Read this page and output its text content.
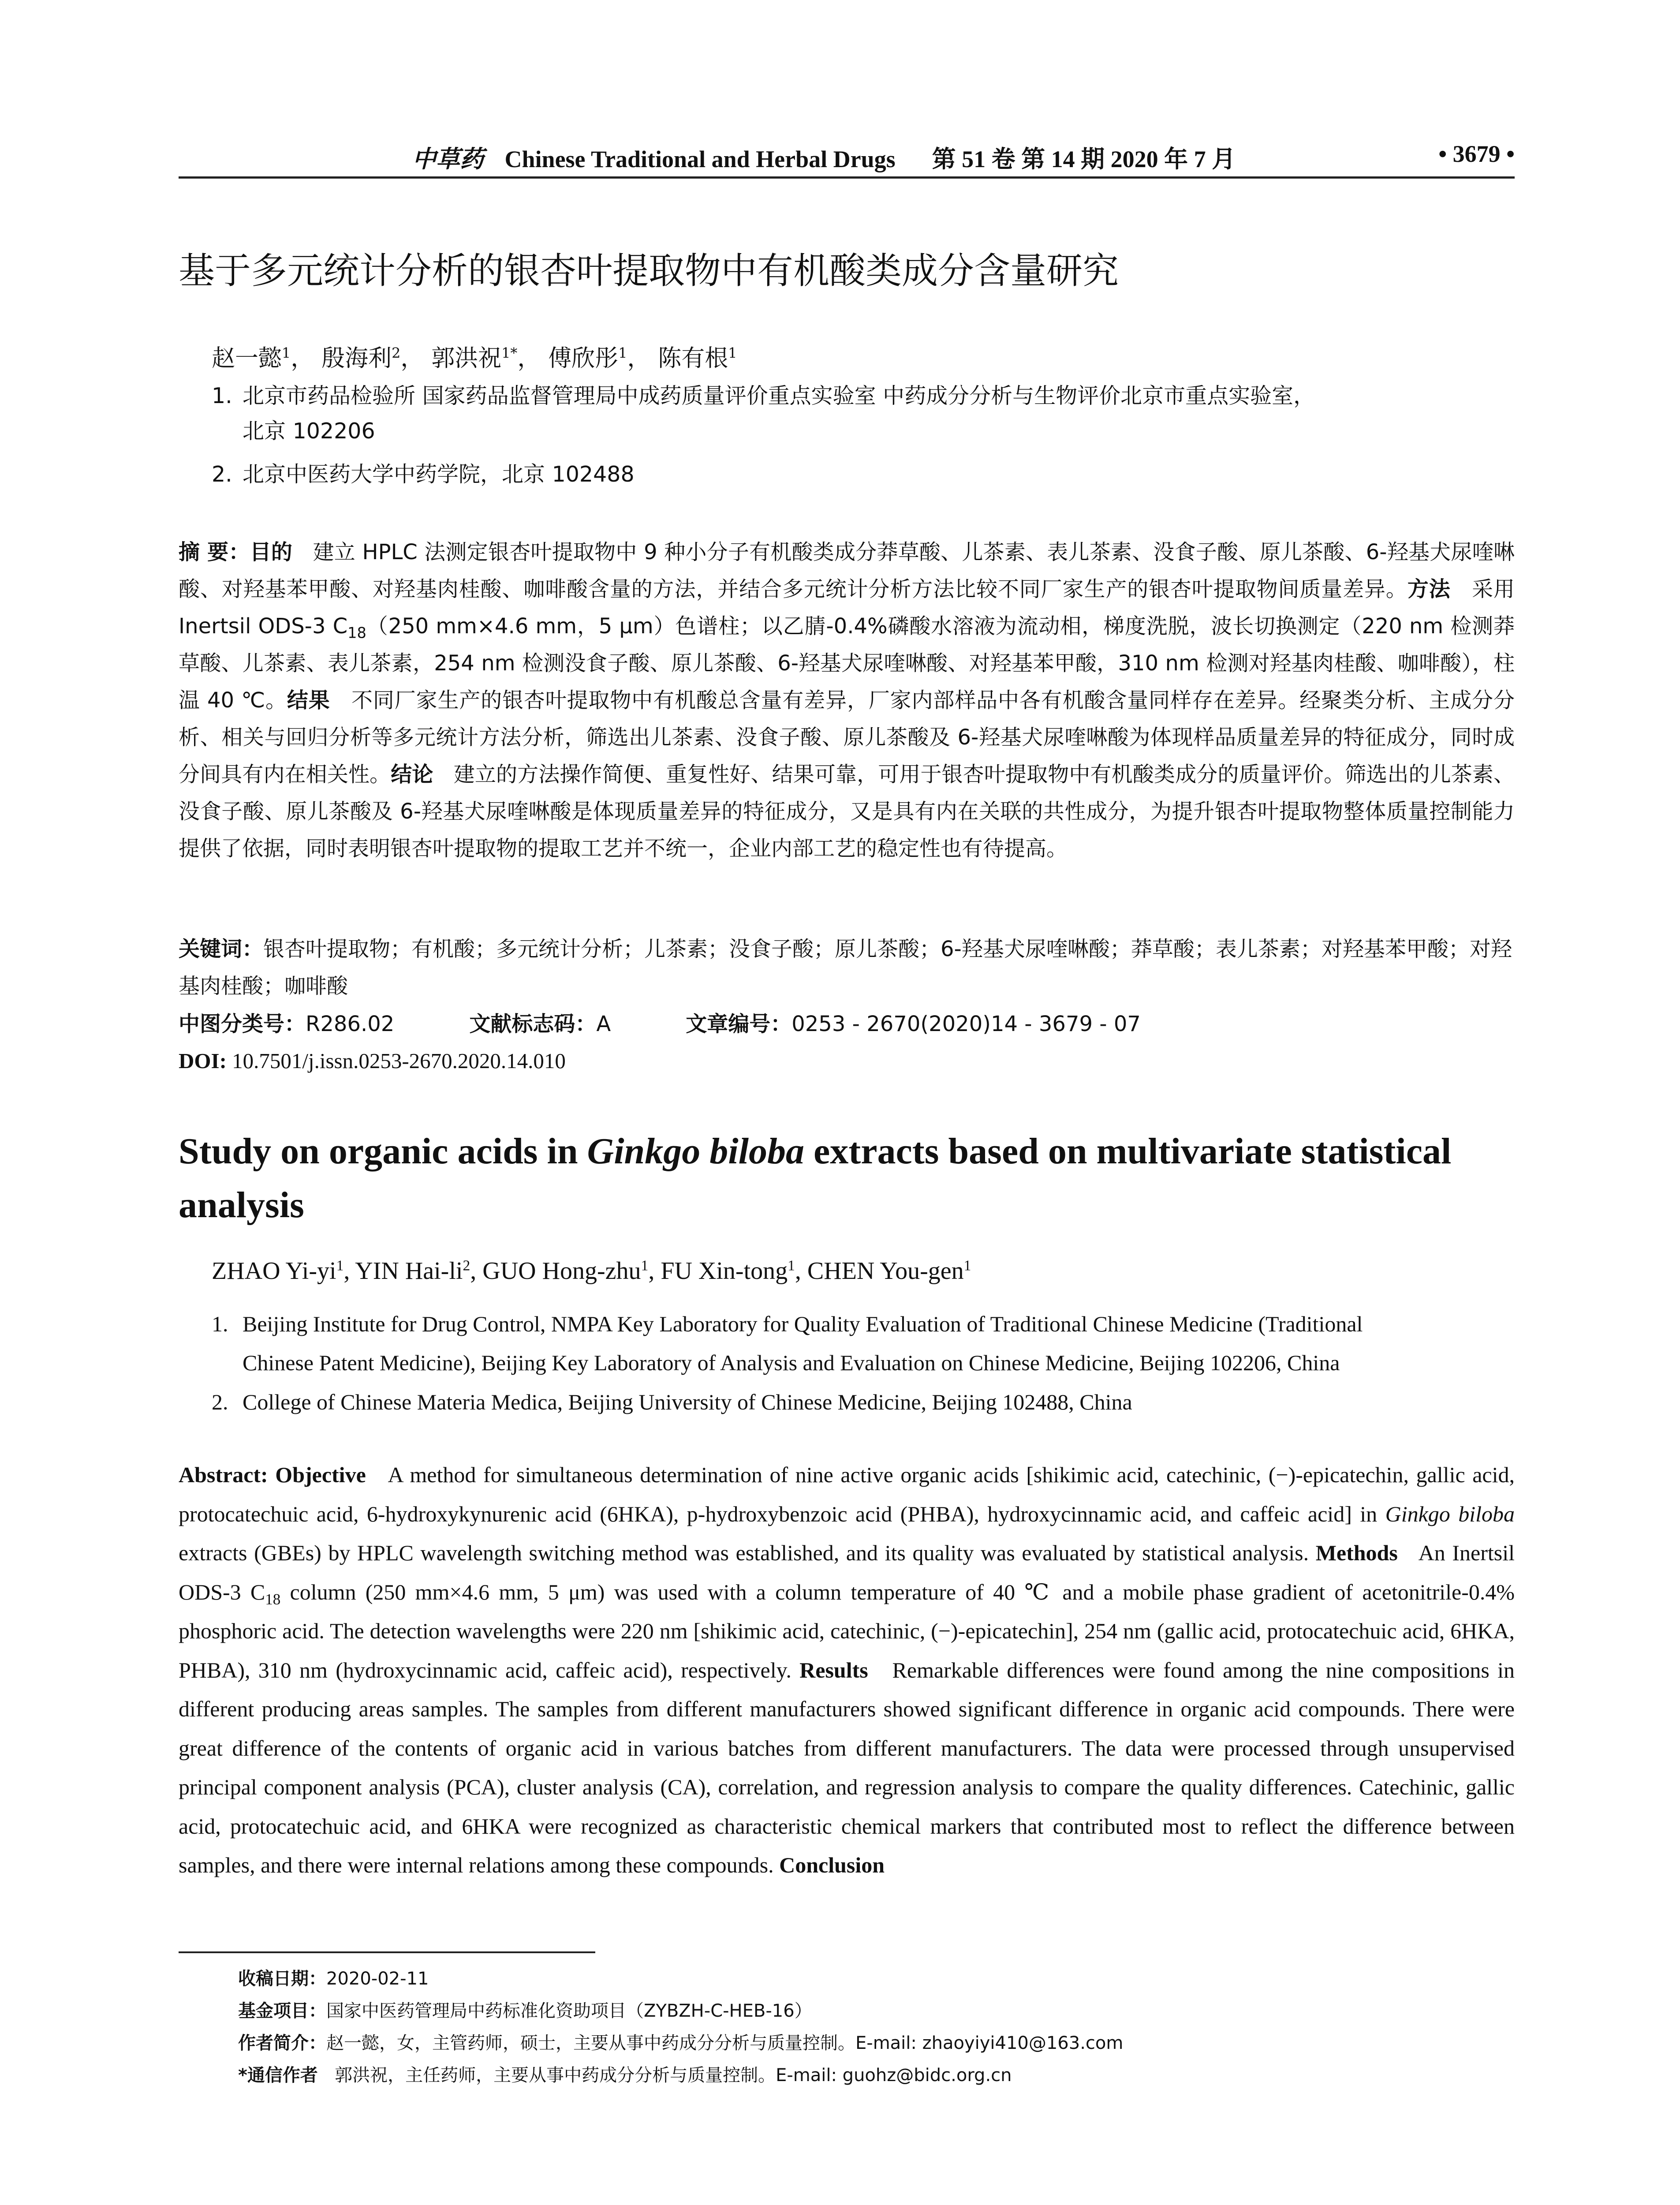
中草药 Chinese Traditional and Herbal Drugs 第 51 卷 第 14 期 2020 年 7 月	• 3679 •
基于多元统计分析的银杏叶提取物中有机酸类成分含量研究
赵一懿$^1$， 殷海利$^2$， 郭洪祝$^{1*}$， 傅欣彤$^1$， 陈有根$^1$
1. 北京市药品检验所 国家药品监督管理局中成药质量评价重点实验室 中药成分分析与生物评价北京市重点实验室，
北京 102206
2. 北京中医药大学中药学院，北京 102488
摘 要：目的 建立 HPLC 法测定银杏叶提取物中 9 种小分子有机酸类成分莽草酸、儿茶素、表儿茶素、没食子酸、原儿茶酸、6-羟基犬尿喹啉酸、对羟基苯甲酸、对羟基肉桂酸、咖啡酸含量的方法，并结合多元统计分析方法比较不同厂家生产的银杏叶提取物间质量差异。方法 采用 Inertsil ODS-3 $C_{18}(250$ mm×4.6 mm，5 μm）色谱柱；以乙腈-0.4%磷酸水溶液为流动相，梯度洗脱，波长切换测定（220 nm 检测莽草酸、儿茶素、表儿茶素，254 nm 检测没食子酸、原儿茶酸、6-羟基犬尿喹啉酸、对羟基苯甲酸，310 nm 检测对羟基肉桂酸、咖啡酸），柱温 40 ℃。结果 不同厂家生产的银杏叶提取物中有机酸总含量有差异，厂家内部样品中各有机酸含量同样存在差异。经聚类分析、主成分分析、相关与回归分析等多元统计方法分析，筛选出儿茶素、没食子酸、原儿茶酸及 6-羟基犬尿喹啉酸为体现样品质量差异的特征成分，同时成分间具有内在相关性。结论 建立的方法操作简便、重复性好、结果可靠，可用于银杏叶提取物中有机酸类成分的质量评价。筛选出的儿茶素、没食子酸、原儿茶酸及 6-羟基犬尿喹啉酸是体现质量差异的特征成分，又是具有内在关联的共性成分，为提升银杏叶提取物整体质量控制能力提供了依据，同时表明银杏叶提取物的提取工艺并不统一，企业内部工艺的稳定性也有待提高。
关键词：银杏叶提取物；有机酸；多元统计分析；儿茶素；没食子酸；原儿茶酸；6-羟基犬尿喹啉酸；莽草酸；表儿茶素；对羟基苯甲酸；对羟基肉桂酸；咖啡酸
中图分类号：R286.02	文献标志码：A	文章编号：0253 - 2670(2020)14 - 3679 - 07
DOI: 10.7501/j.issn.0253-2670.2020.14.010
Study on organic acids in Ginkgo biloba extracts based on multivariate statistical analysis
ZHAO $Yi-yi^1$, YIN Hai-$li^2$, GUO Hong-zhu$^1$, FU Xin-tong$^1$, CHEN You-gen$^1$
1. Beijing Institute for Drug Control, NMPA Key Laboratory for Quality Evaluation of Traditional Chinese Medicine (Traditional
Chinese Patent Medicine), Beijing Key Laboratory of Analysis and Evaluation on Chinese Medicine, Beijing 102206, China
2. College of Chinese Materia Medica, Beijing University of Chinese Medicine, Beijing 102488, China
Abstract: Objective A method for simultaneous determination of nine active organic acids [shikimic acid, catechinic, (−)-epicatechin, gallic acid, protocatechuic acid, 6-hydroxykynurenic acid (6HKA), p-hydroxybenzoic acid (PHBA), hydroxycinnamic acid, and caffeic acid] in Ginkgo biloba extracts (GBEs) by HPLC wavelength switching method was established, and its quality was evaluated by statistical analysis. Methods An Inertsil ODS-3 $C_{18}$ column (250 mm×4.6 mm, 5 μm) was used with a column temperature of 40 ℃ and a mobile phase gradient of acetonitrile-0.4% phosphoric acid. The detection wavelengths were 220 nm [shikimic acid, catechinic, (−)-epicatechin], 254 nm (gallic acid, protocatechuic acid, 6HKA, PHBA), 310 nm (hydroxycinnamic acid, caffeic acid), respectively. Results Remarkable differences were found among the nine compositions in different producing areas samples. The samples from different manufacturers showed significant difference in organic acid compounds. There were great difference of the contents of organic acid in various batches from different manufacturers. The data were processed through unsupervised principal component analysis (PCA), cluster analysis (CA), correlation, and regression analysis to compare the quality differences. Catechinic, gallic acid, protocatechuic acid, and 6HKA were recognized as characteristic chemical markers that contributed most to reflect the difference between samples, and there were internal relations among these compounds. Conclusion
收稿日期：2020-02-11
基金项目：国家中医药管理局中药标准化资助项目（ZYBZH-C-HEB-16）
作者简介：赵一懿，女，主管药师，硕士，主要从事中药成分分析与质量控制。E-mail: zhaoyiyi410@163.com
*通信作者 郭洪祝，主任药师，主要从事中药成分分析与质量控制。E-mail: guohz@bidc.org.cn
